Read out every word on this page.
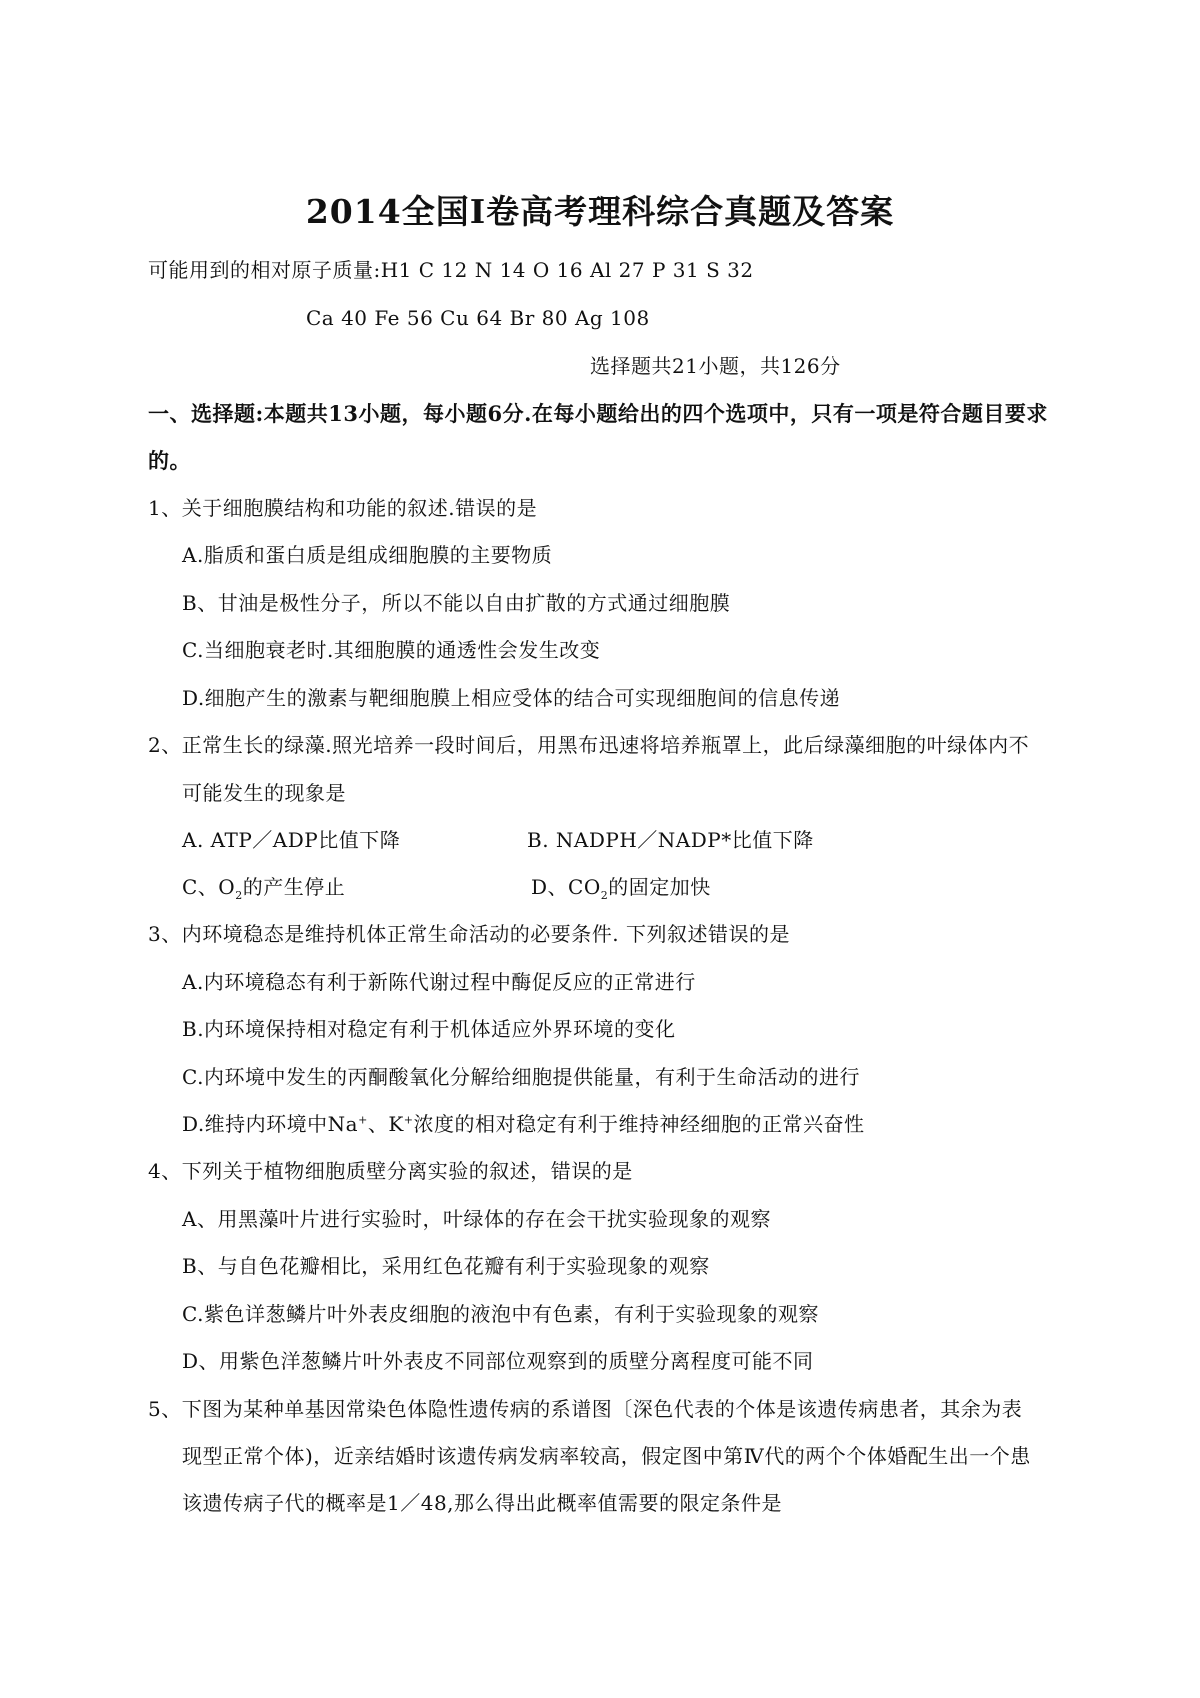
2014全国Ⅰ卷高考理科综合真题及答案
可能用到的相对原子质量:H1 C 12 N 14 O 16 Al 27 P 31 S 32
Ca 40 Fe 56 Cu 64 Br 80 Ag 108
选择题共21小题，共126分
一、选择题:本题共13小题，每小题6分.在每小题给出的四个选项中，只有一项是符合题目要求
的。
1、关于细胞膜结构和功能的叙述.错误的是
A.脂质和蛋白质是组成细胞膜的主要物质
B、甘油是极性分子，所以不能以自由扩散的方式通过细胞膜
C.当细胞衰老时.其细胞膜的通透性会发生改变
D.细胞产生的激素与靶细胞膜上相应受体的结合可实现细胞间的信息传递
2、正常生长的绿藻.照光培养一段时间后，用黑布迅速将培养瓶罩上，此后绿藻细胞的叶绿体内不
可能发生的现象是
A. ATP／ADP比值下降	B. NADPH／NADP*比值下降
C、$O_2$的产生停止	D、$CO_2$的固定加快
3、内环境稳态是维持机体正常生命活动的必要条件. 下列叙述错误的是
A.内环境稳态有利于新陈代谢过程中酶促反应的正常进行
B.内环境保持相对稳定有利于机体适应外界环境的变化
C.内环境中发生的丙酮酸氧化分解给细胞提供能量，有利于生命活动的进行
D.维持内环境中Na+、K+浓度的相对稳定有利于维持神经细胞的正常兴奋性
4、下列关于植物细胞质壁分离实验的叙述，错误的是
A、用黑藻叶片进行实验时，叶绿体的存在会干扰实验现象的观察
B、与自色花瓣相比，采用红色花瓣有利于实验现象的观察
C.紫色详葱鳞片叶外表皮细胞的液泡中有色素，有利于实验现象的观察
D、用紫色洋葱鳞片叶外表皮不同部位观察到的质壁分离程度可能不同
5、下图为某种单基因常染色体隐性遗传病的系谱图〔深色代表的个体是该遗传病患者，其余为表
现型正常个体)，近亲结婚时该遗传病发病率较高，假定图中第Ⅳ代的两个个体婚配生出一个患
该遗传病子代的概率是1／48,那么得出此概率值需要的限定条件是
